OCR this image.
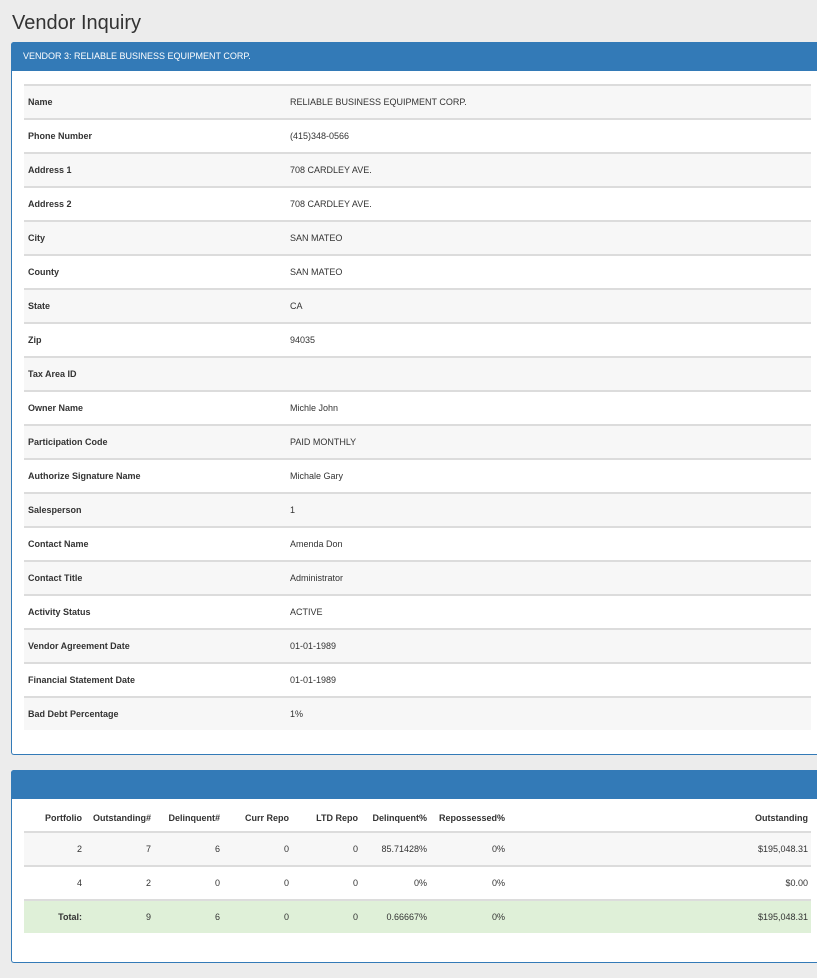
Vendor Inquiry
VENDOR 3: RELIABLE BUSINESS EQUIPMENT CORP.
Name	RELIABLE BUSINESS EQUIPMENT CORP.
Phone Number	(415)348-0566
Address 1	708 CARDLEY AVE.
Address 2	708 CARDLEY AVE.
City	SAN MATEO
County	SAN MATEO
State	CA
Zip	94035
Tax Area ID	
Owner Name	Michle John
Participation Code	PAID MONTHLY
Authorize Signature Name	Michale Gary
Salesperson	1
Contact Name	Amenda Don
Contact Title	Administrator
Activity Status	ACTIVE
Vendor Agreement Date	01-01-1989
Financial Statement Date	01-01-1989
Bad Debt Percentage	1%
Portfolio	Outstanding#	Delinquent#	Curr Repo	LTD Repo	Delinquent%	Repossessed%	Outstanding
2	7	6	0	0	85.71428%	0%	$195,048.31
4	2	0	0	0	0%	0%	$0.00
Total:	9	6	0	0	0.66667%	0%	$195,048.31
